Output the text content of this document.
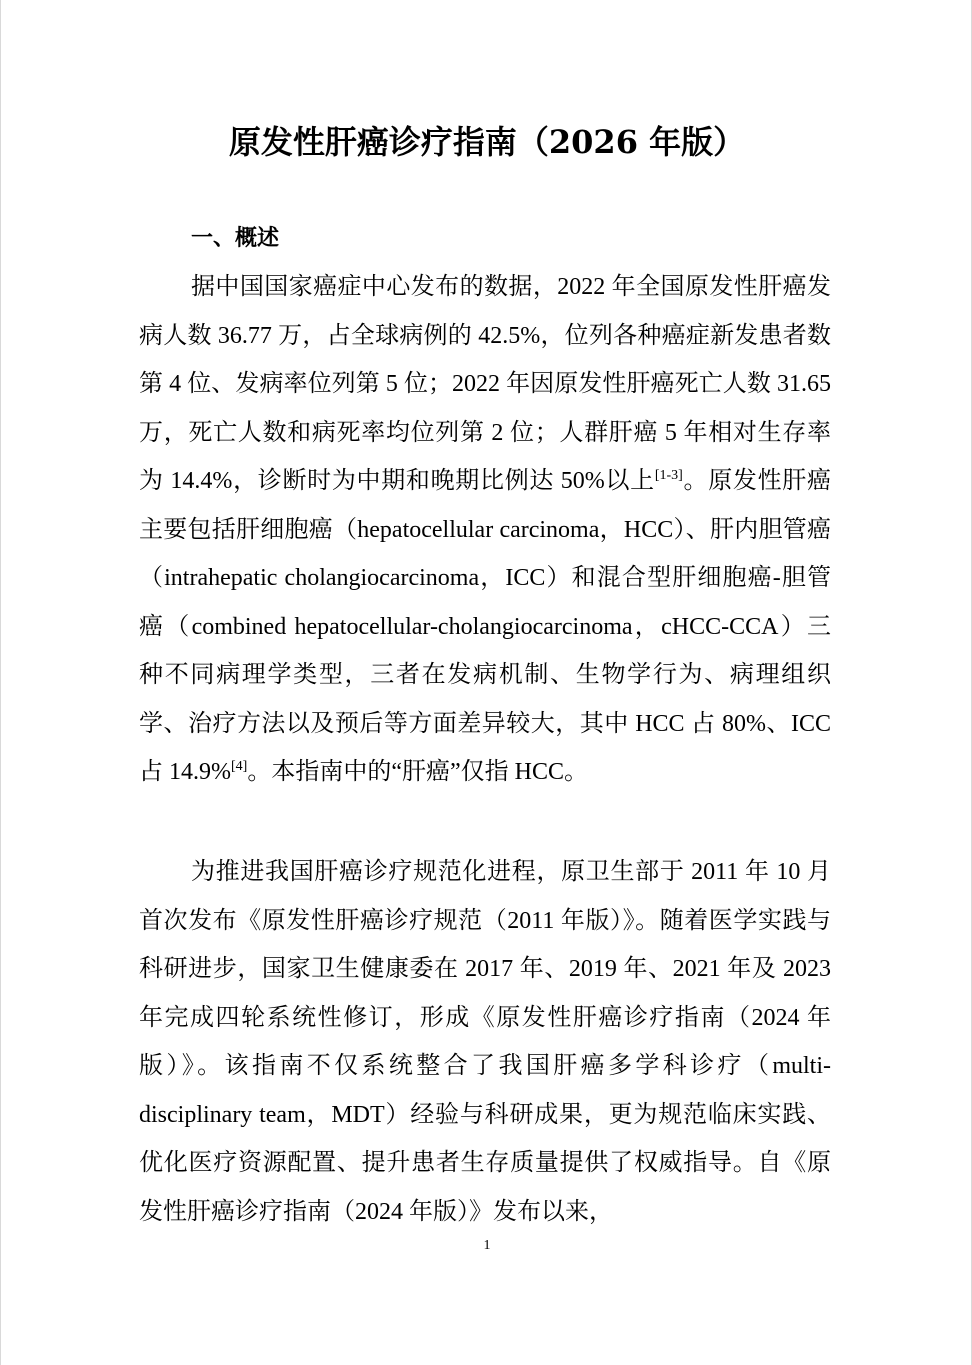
原发性肝癌诊疗指南（2026 年版）
一、概述

据中国国家癌症中心发布的数据，2022 年全国原发性肝癌发病人数 36.77 万，占全球病例的 42.5%，位列各种癌症新发患者数第 4 位、发病率位列第 5 位；2022 年因原发性肝癌死亡人数 31.65 万，死亡人数和病死率均位列第 2 位；人群肝癌 5 年相对生存率为 14.4%，诊断时为中期和晚期比例达 50%以上[1-3]。原发性肝癌主要包括肝细胞癌（hepatocellular carcinoma，HCC）、肝内胆管癌（intrahepatic cholangiocarcinoma，ICC）和混合型肝细胞癌-胆管癌（combined hepatocellular-cholangiocarcinoma，cHCC-CCA）三种不同病理学类型，三者在发病机制、生物学行为、病理组织学、治疗方法以及预后等方面差异较大，其中 HCC 占 80%、ICC 占 14.9%[4]。本指南中的“肝癌”仅指 HCC。

为推进我国肝癌诊疗规范化进程，原卫生部于 2011 年 10 月首次发布《原发性肝癌诊疗规范（2011 年版）》。随着医学实践与科研进步，国家卫生健康委在 2017 年、2019 年、2021 年及 2023 年完成四轮系统性修订，形成《原发性肝癌诊疗指南（2024 年版）》。该指南不仅系统整合了我国肝癌多学科诊疗（multi-disciplinary team，MDT）经验与科研成果，更为规范临床实践、优化医疗资源配置、提升患者生存质量提供了权威指导。自《原发性肝癌诊疗指南（2024 年版）》发布以来，

1
